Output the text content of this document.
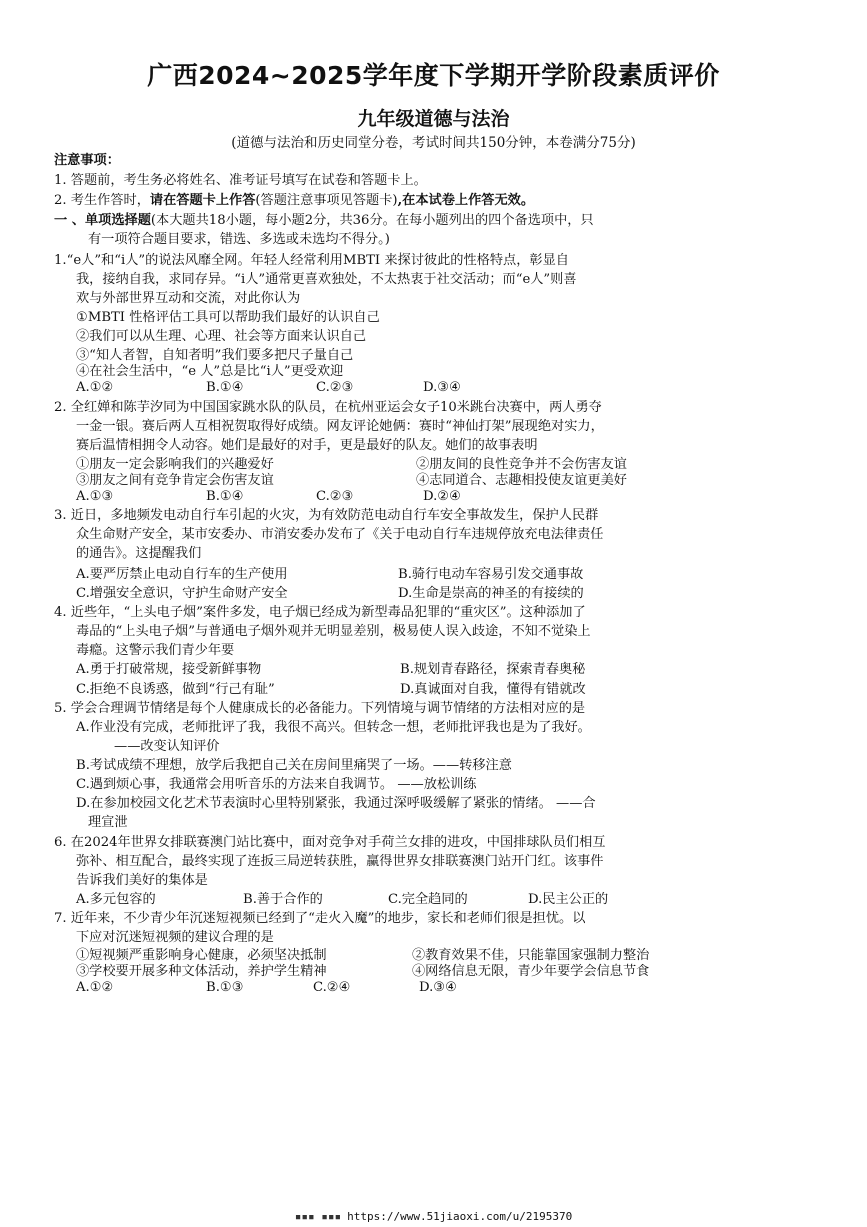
广西2024~2025学年度下学期开学阶段素质评价
九年级道德与法治
(道德与法治和历史同堂分卷，考试时间共150分钟，本卷满分75分)
注意事项：
1. 答题前，考生务必将姓名、准考证号填写在试卷和答题卡上。
2. 考生作答时，请在答题卡上作答(答题注意事项见答题卡),在本试卷上作答无效。
一 、单项选择题(本大题共18小题，每小题2分，共36分。在每小题列出的四个备选项中，只
有一项符合题目要求，错选、多选或未选均不得分。)
1.“e人”和“i人”的说法风靡全网。年轻人经常利用MBTI 来探讨彼此的性格特点，彰显自
我，接纳自我，求同存异。“i人”通常更喜欢独处，不太热衷于社交活动；而“e人”则喜
欢与外部世界互动和交流，对此你认为
①MBTI 性格评估工具可以帮助我们最好的认识自己
②我们可以从生理、心理、社会等方面来认识自己
③“知人者智，自知者明”我们要多把尺子量自己
④在社会生活中，“e 人”总是比“i人”更受欢迎
A.①②	B.①④	C.②③	D.③④
2. 全红婵和陈芋汐同为中国国家跳水队的队员，在杭州亚运会女子10米跳台决赛中，两人勇夺
一金一银。赛后两人互相祝贺取得好成绩。网友评论她俩：赛时“神仙打架”展现绝对实力，
赛后温情相拥令人动容。她们是最好的对手，更是最好的队友。她们的故事表明
①朋友一定会影响我们的兴趣爱好	②朋友间的良性竞争并不会伤害友谊
③朋友之间有竞争肯定会伤害友谊	④志同道合、志趣相投使友谊更美好
A.①③	B.①④	C.②③	D.②④
3. 近日，多地频发电动自行车引起的火灾，为有效防范电动自行车安全事故发生，保护人民群
众生命财产安全，某市安委办、市消安委办发布了《关于电动自行车违规停放充电法律责任
的通告》。这提醒我们
A.要严厉禁止电动自行车的生产使用	B.骑行电动车容易引发交通事故
C.增强安全意识，守护生命财产安全	D.生命是崇高的神圣的有接续的
4. 近些年，“上头电子烟”案件多发，电子烟已经成为新型毒品犯罪的“重灾区”。这种添加了
毒品的“上头电子烟”与普通电子烟外观并无明显差别，极易使人误入歧途，不知不觉染上
毒瘾。这警示我们青少年要
A.勇于打破常规，接受新鲜事物	B.规划青春路径，探索青春奥秘
C.拒绝不良诱惑，做到“行己有耻”	D.真诚面对自我，懂得有错就改
5. 学会合理调节情绪是每个人健康成长的必备能力。下列情境与调节情绪的方法相对应的是
A.作业没有完成，老师批评了我，我很不高兴。但转念一想，老师批评我也是为了我好。
——改变认知评价
B.考试成绩不理想，放学后我把自己关在房间里痛哭了一场。——转移注意
C.遇到烦心事，我通常会用听音乐的方法来自我调节。 ——放松训练
D.在参加校园文化艺术节表演时心里特别紧张，我通过深呼吸缓解了紧张的情绪。 ——合
理宣泄
6. 在2024年世界女排联赛澳门站比赛中，面对竞争对手荷兰女排的进攻，中国排球队员们相互
弥补、相互配合，最终实现了连扳三局逆转获胜，赢得世界女排联赛澳门站开门红。该事件
告诉我们美好的集体是
A.多元包容的	B.善于合作的	C.完全趋同的	D.民主公正的
7. 近年来，不少青少年沉迷短视频已经到了“走火入魔”的地步，家长和老师们很是担忧。以
下应对沉迷短视频的建议合理的是
①短视频严重影响身心健康，必须坚决抵制	②教育效果不佳，只能靠国家强制力整治
③学校要开展多种文体活动，养护学生精神	④网络信息无限，青少年要学会信息节食
A.①②	B.①③	C.②④	D.③④
▪▪▪ ▪▪▪ https://www.51jiaoxi.com/u/2195370
